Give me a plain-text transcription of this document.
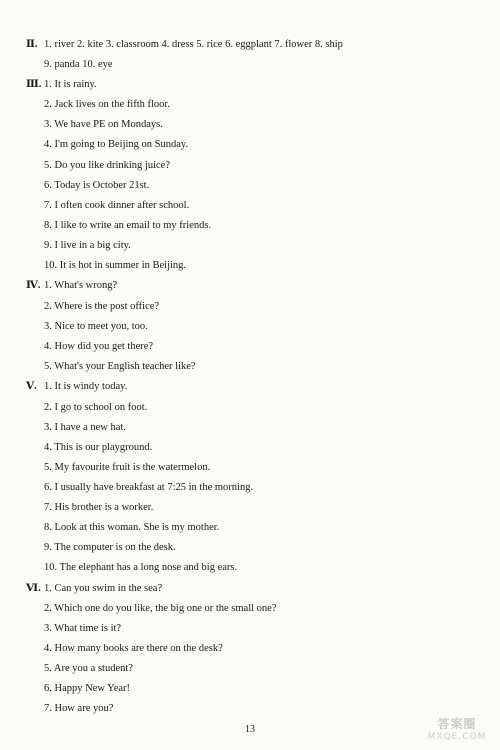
Ⅱ. 1. river 2. kite 3. classroom 4. dress 5. rice 6. eggplant 7. flower 8. ship
9. panda 10. eye
Ⅲ. 1. It is rainy.
2. Jack lives on the fifth floor.
3. We have PE on Mondays.
4. I'm going to Beijing on Sunday.
5. Do you like drinking juice?
6. Today is October 21st.
7. I often cook dinner after school.
8. I like to write an email to my friends.
9. I live in a big city.
10. It is hot in summer in Beijing.
Ⅳ. 1. What's wrong?
2. Where is the post office?
3. Nice to meet you, too.
4. How did you get there?
5. What's your English teacher like?
Ⅴ. 1. It is windy today.
2. I go to school on foot.
3. I have a new hat.
4. This is our playground.
5. My favourite fruit is the watermelon.
6. I usually have breakfast at 7:25 in the morning.
7. His brother is a worker.
8. Look at this woman. She is my mother.
9. The computer is on the desk.
10. The elephant has a long nose and big ears.
Ⅵ. 1. Can you swim in the sea?
2. Which one do you like, the big one or the small one?
3. What time is it?
4. How many books are there on the desk?
5. Are you a student?
6. Happy New Year!
7. How are you?
13	答案圈
MXQE.COM
